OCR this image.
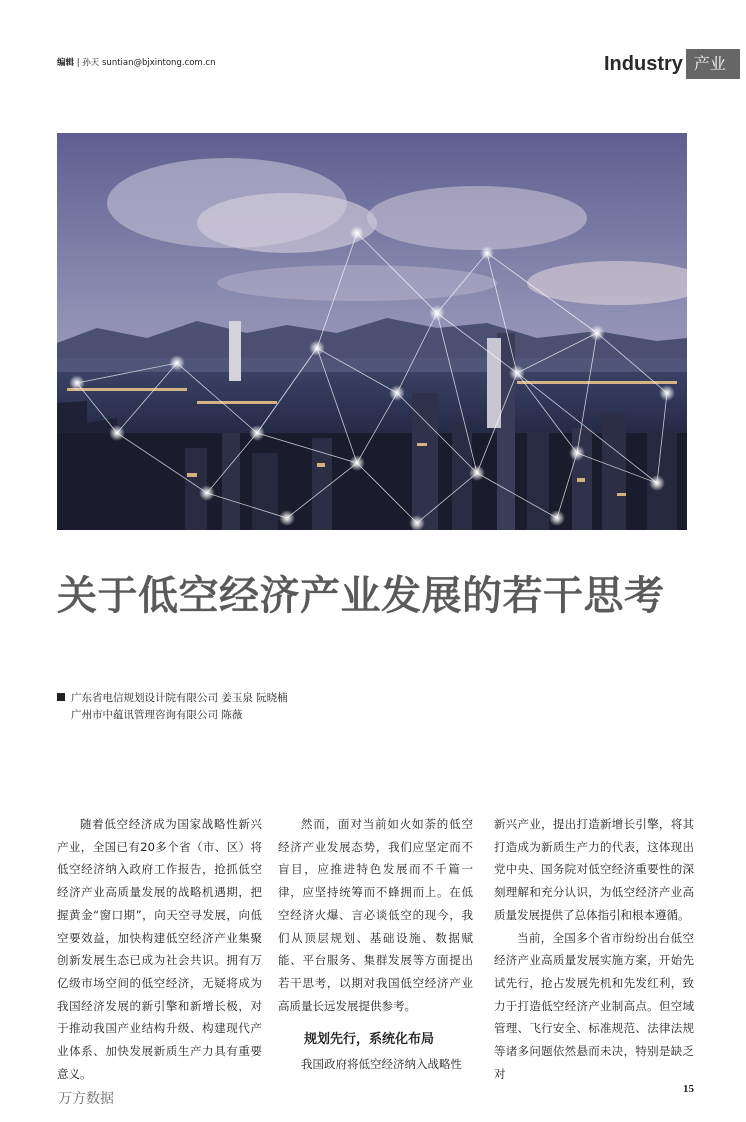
编辑 | 孙天 suntian@bjxintong.com.cn	Industry 产业
关于低空经济产业发展的若干思考
广东省电信规划设计院有限公司 姜玉泉 阮晓楠
广州市中蕴讯管理咨询有限公司 陈薇

随着低空经济成为国家战略性新兴产业，全国已有20多个省（市、区）将低空经济纳入政府工作报告，抢抓低空经济产业高质量发展的战略机遇期，把握黄金“窗口期”，向天空寻发展，向低空要效益，加快构建低空经济产业集聚创新发展生态已成为社会共识。拥有万亿级市场空间的低空经济，无疑将成为我国经济发展的新引擎和新增长极，对于推动我国产业结构升级、构建现代产业体系、加快发展新质生产力具有重要意义。

然而，面对当前如火如荼的低空经济产业发展态势，我们应坚定而不盲目，应推进特色发展而不千篇一律，应坚持统筹而不蜂拥而上。在低空经济火爆、言必谈低空的现今，我们从顶层规划、基础设施、数据赋能、平台服务、集群发展等方面提出若干思考，以期对我国低空经济产业高质量长远发展提供参考。

规划先行，系统化布局

我国政府将低空经济纳入战略性

新兴产业，提出打造新增长引擎，将其打造成为新质生产力的代表，这体现出党中央、国务院对低空经济重要性的深刻理解和充分认识，为低空经济产业高质量发展提供了总体指引和根本遵循。

当前，全国多个省市纷纷出台低空经济产业高质量发展实施方案，开始先试先行，抢占发展先机和先发红利，致力于打造低空经济产业制高点。但空域管理、飞行安全、标准规范、法律法规等诸多问题依然悬而未决，特别是缺乏对

15
万方数据
